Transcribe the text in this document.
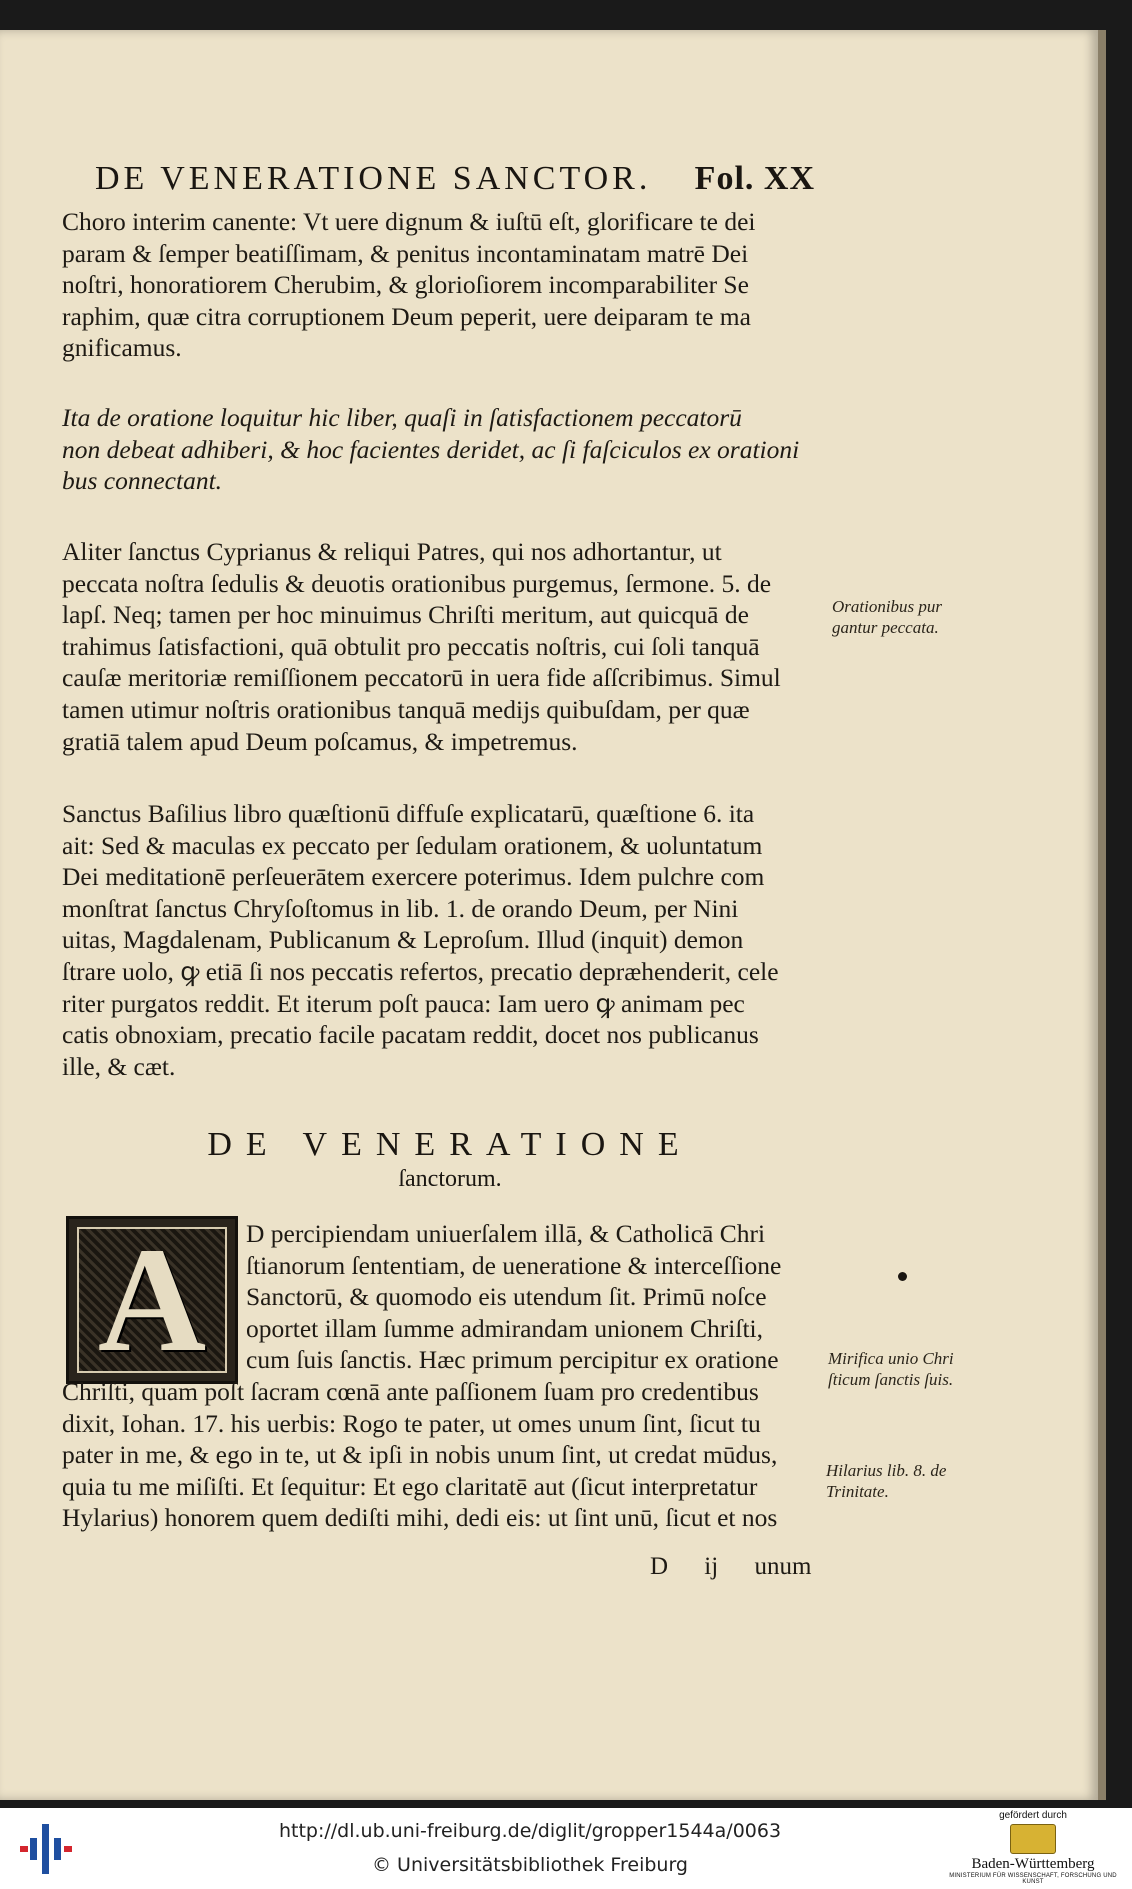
DE VENERATIONE SANCTOR. Fol. XX

Choro interim canente: Vt uere dignum & iuſtū eſt, glorificare te dei
param & ſemper beatiſſimam, & penitus incontaminatam matrē Dei
noſtri, honoratiorem Cherubim, & glorioſiorem incomparabiliter Se
raphim, quæ citra corruptionem Deum peperit, uere deiparam te ma
gnificamus.

Ita de oratione loquitur hic liber, quaſi in ſatisfactionem peccatorū
non debeat adhiberi, & hoc facientes deridet, ac ſi faſciculos ex orationi
bus connectant.

Aliter ſanctus Cyprianus & reliqui Patres, qui nos adhortantur, ut
peccata noſtra ſedulis & deuotis orationibus purgemus, ſermone. 5. de
lapſ. Neq; tamen per hoc minuimus Chriſti meritum, aut quicquā de
trahimus ſatisfactioni, quā obtulit pro peccatis noſtris, cui ſoli tanquā
cauſæ meritoriæ remiſſionem peccatorū in uera fide aſſcribimus. Simul
tamen utimur noſtris orationibus tanquā medijs quibuſdam, per quæ
gratiā talem apud Deum poſcamus, & impetremus.

Sanctus Baſilius libro quæſtionū diffuſe explicatarū, quæſtione 6. ita
ait: Sed & maculas ex peccato per ſedulam orationem, & uoluntatum
Dei meditationē perſeuerātem exercere poterimus. Idem pulchre com
monſtrat ſanctus Chryſoſtomus in lib. 1. de orando Deum, per Nini
uitas, Magdalenam, Publicanum & Leproſum. Illud (inquit) demon
ſtrare uolo, ꝙ etiā ſi nos peccatis refertos, precatio depræhenderit, cele
riter purgatos reddit. Et iterum poſt pauca: Iam uero ꝙ animam pec
catis obnoxiam, precatio facile pacatam reddit, docet nos publicanus
ille, & cæt.

DE VENERATIONE
ſanctorum.
A D percipiendam uniuerſalem illā, & Catholicā Chri
ſtianorum ſententiam, de ueneratione & interceſſione
Sanctorū, & quomodo eis utendum ſit. Primū noſce
oportet illam ſumme admirandam unionem Chriſti,
cum ſuis ſanctis. Hæc primum percipitur ex oratione

Chriſti, quam poſt ſacram cœnā ante paſſionem ſuam pro credentibus
dixit, Iohan. 17. his uerbis: Rogo te pater, ut omes unum ſint, ſicut tu
pater in me, & ego in te, ut & ipſi in nobis unum ſint, ut credat mūdus,
quia tu me miſiſti. Et ſequitur: Et ego claritatē aut (ſicut interpretatur
Hylarius) honorem quem dediſti mihi, dedi eis: ut ſint unū, ſicut et nos

D ij unum
Orationibus pur
gantur peccata.
Mirifica unio Chri
ſticum ſanctis ſuis.
Hilarius lib. 8. de
Trinitate.
http://dl.ub.uni-freiburg.de/diglit/gropper1544a/0063
© Universitätsbibliothek Freiburg
gefördert durch
Baden-Württemberg
MINISTERIUM FÜR WISSENSCHAFT, FORSCHUNG UND KUNST
